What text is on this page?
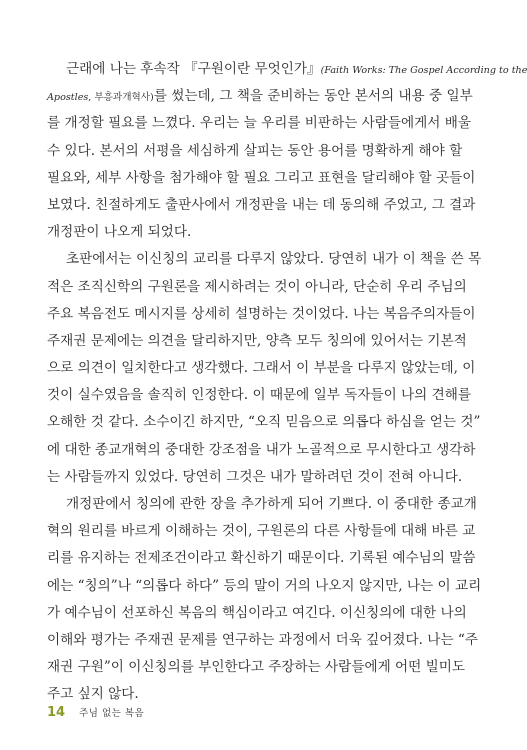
근래에 나는 후속작 『구원이란 무엇인가』(Faith Works: The Gospel According to the
Apostles, 부흥과개혁사)를 썼는데, 그 책을 준비하는 동안 본서의 내용 중 일부
를 개정할 필요를 느꼈다. 우리는 늘 우리를 비판하는 사람들에게서 배울
수 있다. 본서의 서평을 세심하게 살피는 동안 용어를 명확하게 해야 할
필요와, 세부 사항을 첨가해야 할 필요 그리고 표현을 달리해야 할 곳들이
보였다. 친절하게도 출판사에서 개정판을 내는 데 동의해 주었고, 그 결과
개정판이 나오게 되었다.
초판에서는 이신칭의 교리를 다루지 않았다. 당연히 내가 이 책을 쓴 목
적은 조직신학의 구원론을 제시하려는 것이 아니라, 단순히 우리 주님의
주요 복음전도 메시지를 상세히 설명하는 것이었다. 나는 복음주의자들이
주재권 문제에는 의견을 달리하지만, 양측 모두 칭의에 있어서는 기본적
으로 의견이 일치한다고 생각했다. 그래서 이 부분을 다루지 않았는데, 이
것이 실수였음을 솔직히 인정한다. 이 때문에 일부 독자들이 나의 견해를
오해한 것 같다. 소수이긴 하지만, “오직 믿음으로 의롭다 하심을 얻는 것”
에 대한 종교개혁의 중대한 강조점을 내가 노골적으로 무시한다고 생각하
는 사람들까지 있었다. 당연히 그것은 내가 말하려던 것이 전혀 아니다.
개정판에서 칭의에 관한 장을 추가하게 되어 기쁘다. 이 중대한 종교개
혁의 원리를 바르게 이해하는 것이, 구원론의 다른 사항들에 대해 바른 교
리를 유지하는 전제조건이라고 확신하기 때문이다. 기록된 예수님의 말씀
에는 “칭의”나 “의롭다 하다” 등의 말이 거의 나오지 않지만, 나는 이 교리
가 예수님이 선포하신 복음의 핵심이라고 여긴다. 이신칭의에 대한 나의
이해와 평가는 주재권 문제를 연구하는 과정에서 더욱 깊어졌다. 나는 “주
재권 구원”이 이신칭의를 부인한다고 주장하는 사람들에게 어떤 빌미도
주고 싶지 않다.
14 주님 없는 복음
